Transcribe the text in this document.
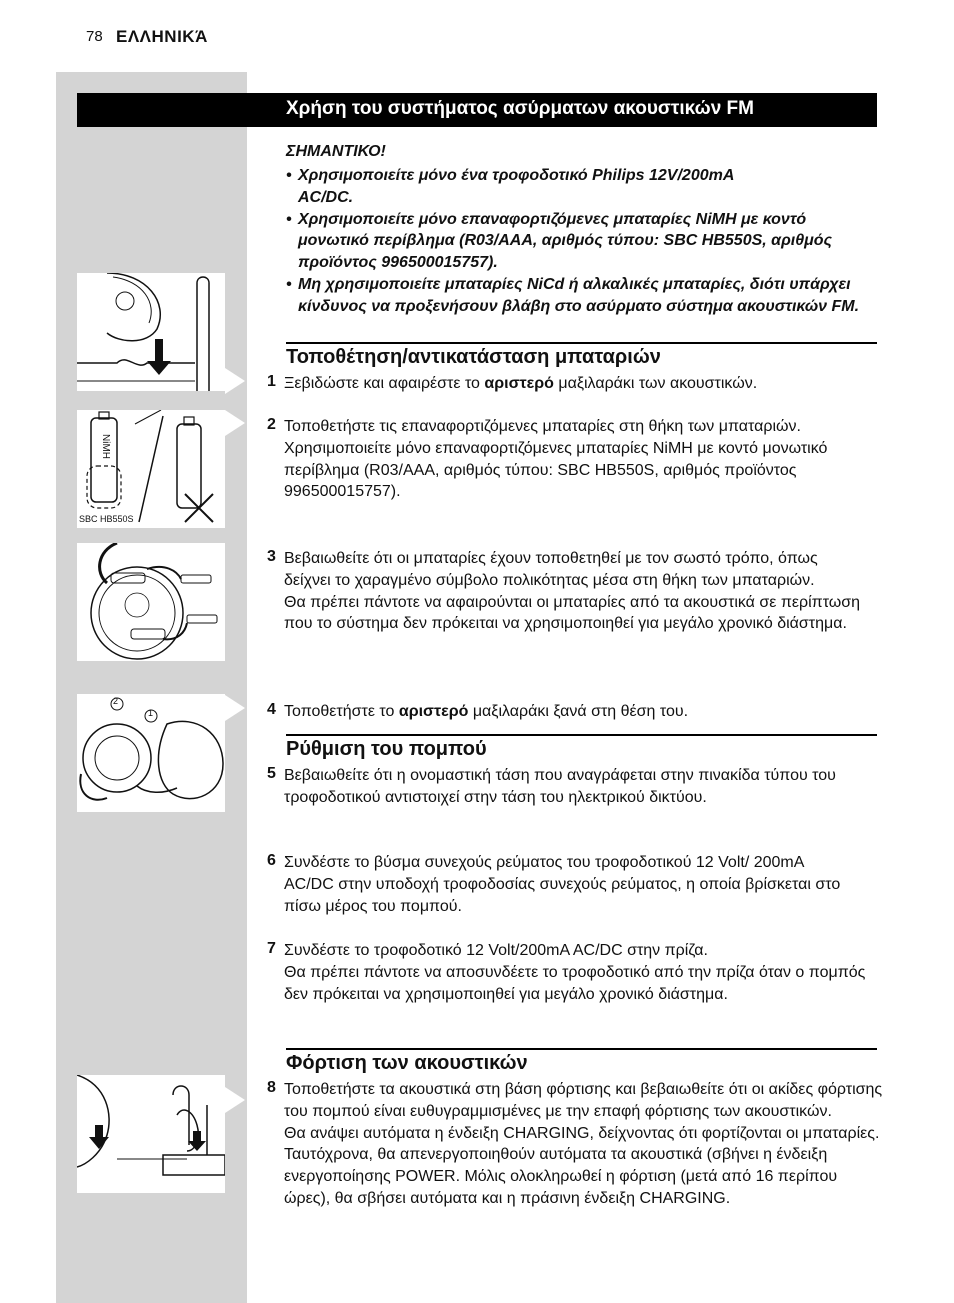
78 ΕΛΛΗΝΙΚΆ
Χρήση του συστήματος ασύρματων ακουστικών FM
ΣΗΜΑΝΤΙΚΟ!
• Χρησιμοποιείτε μόνο ένα τροφοδοτικό Philips 12V/200mA AC/DC.
• Χρησιμοποιείτε μόνο επαναφορτιζόμενες μπαταρίες NiMH με κοντό μονωτικό περίβλημα (R03/AAA, αριθμός τύπου: SBC HB550S, αριθμός προϊόντος 996500015757).
• Μη χρησιμοποιείτε μπαταρίες NiCd ή αλκαλικές μπαταρίες, διότι υπάρχει κίνδυνος να προξενήσουν βλάβη στο ασύρματο σύστημα ακουστικών FM.
Τοποθέτηση/αντικατάσταση μπαταριών
1 Ξεβιδώστε και αφαιρέστε το αριστερό μαξιλαράκι των ακουστικών.
2 Τοποθετήστε τις επαναφορτιζόμενες μπαταρίες στη θήκη των μπαταριών.

Χρησιμοποιείτε μόνο επαναφορτιζόμενες μπαταρίες NiMH με κοντό μονωτικό περίβλημα (R03/AAA, αριθμός τύπου: SBC HB550S, αριθμός προϊόντος 996500015757).

3 Βεβαιωθείτε ότι οι μπαταρίες έχουν τοποθετηθεί με τον σωστό τρόπο, όπως δείχνει το χαραγμένο σύμβολο πολικότητας μέσα στη θήκη των μπαταριών.

Θα πρέπει πάντοτε να αφαιρούνται οι μπαταρίες από τα ακουστικά σε περίπτωση που το σύστημα δεν πρόκειται να χρησιμοποιηθεί για μεγάλο χρονικό διάστημα.

4 Τοποθετήστε το αριστερό μαξιλαράκι ξανά στη θέση του.
Ρύθμιση του πομπού
5 Βεβαιωθείτε ότι η ονομαστική τάση που αναγράφεται στην πινακίδα τύπου του τροφοδοτικού αντιστοιχεί στην τάση του ηλεκτρικού δικτύου.

6 Συνδέστε το βύσμα συνεχούς ρεύματος του τροφοδοτικού 12 Volt/ 200mA AC/DC στην υποδοχή τροφοδοσίας συνεχούς ρεύματος, η οποία βρίσκεται στο πίσω μέρος του πομπού.

7 Συνδέστε το τροφοδοτικό 12 Volt/200mA AC/DC στην πρίζα.

Θα πρέπει πάντοτε να αποσυνδέετε το τροφοδοτικό από την πρίζα όταν ο πομπός δεν πρόκειται να χρησιμοποιηθεί για μεγάλο χρονικό διάστημα.

Φόρτιση των ακουστικών
8 Τοποθετήστε τα ακουστικά στη βάση φόρτισης και βεβαιωθείτε ότι οι ακίδες φόρτισης του πομπού είναι ευθυγραμμισμένες με την επαφή φόρτισης των ακουστικών.

Θα ανάψει αυτόματα η ένδειξη CHARGING, δείχνοντας ότι φορτίζονται οι μπαταρίες. Ταυτόχρονα, θα απενεργοποιηθούν αυτόματα τα ακουστικά (σβήνει η ένδειξη ενεργοποίησης POWER. Μόλις ολοκληρωθεί η φόρτιση (μετά από 16 περίπου ώρες), θα σβήσει αυτόματα και η πράσινη ένδειξη CHARGING.

NiMH
SBC HB550S
2
1
